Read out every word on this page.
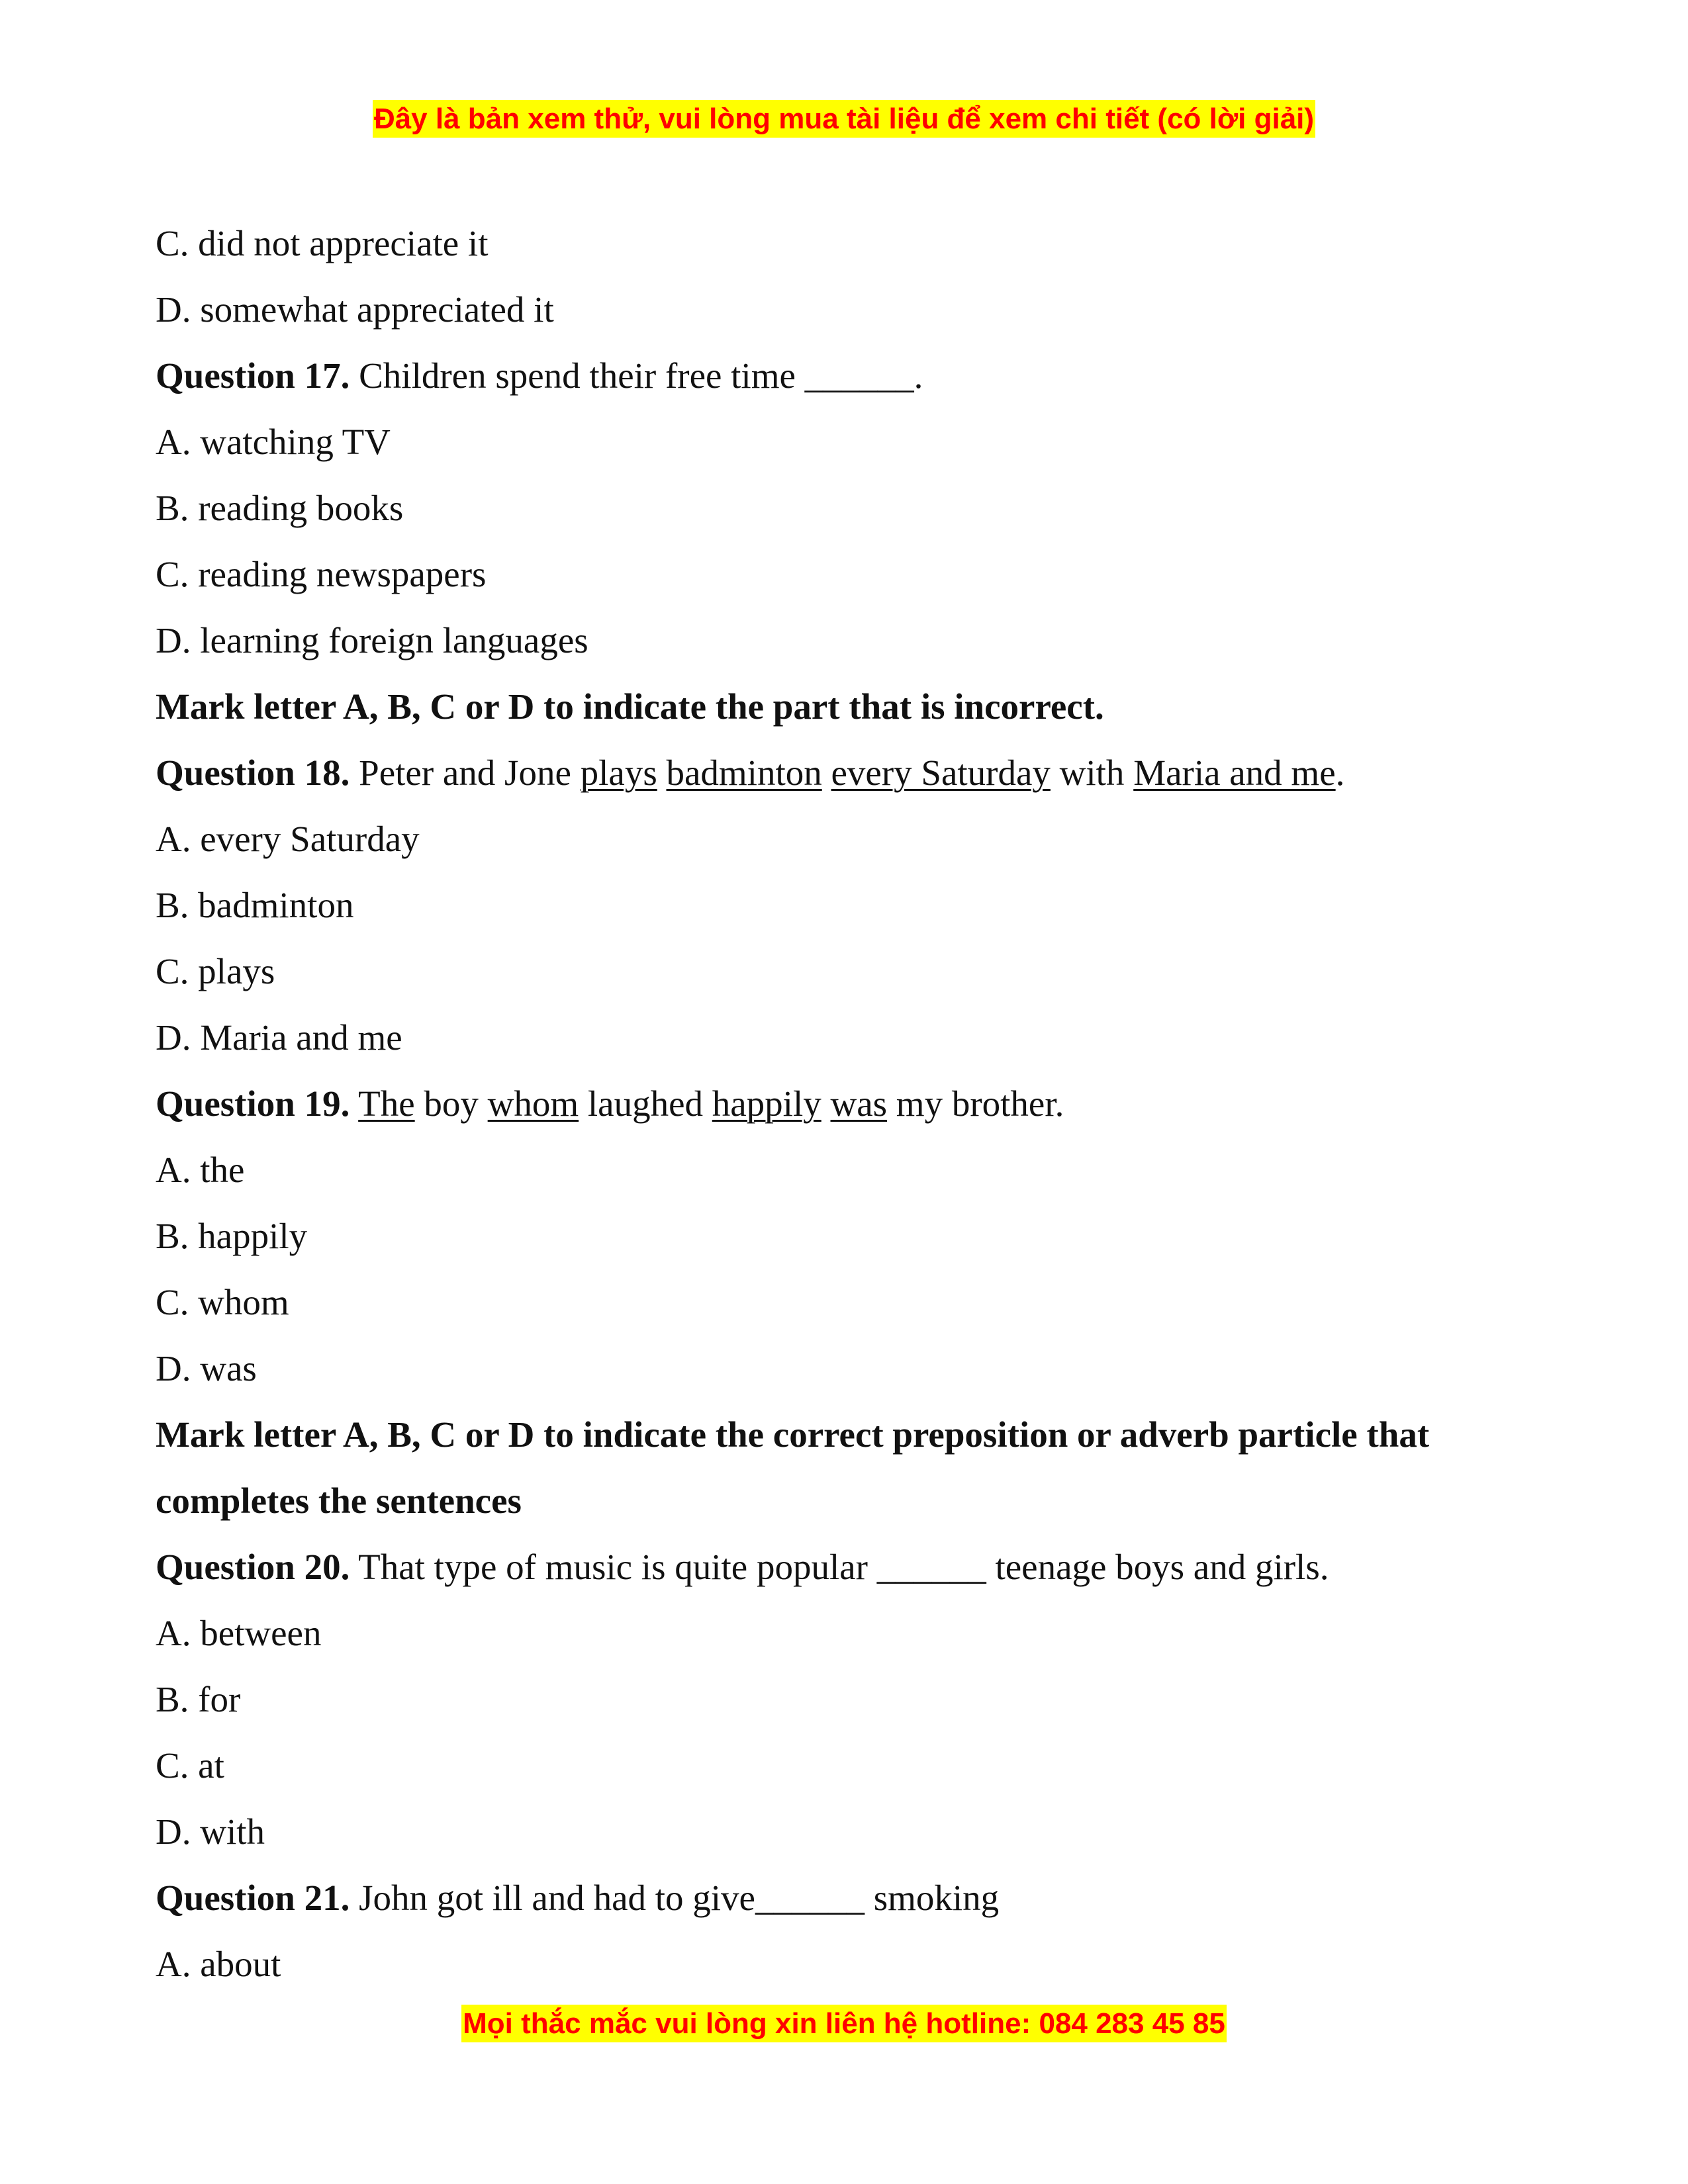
Đây là bản xem thử, vui lòng mua tài liệu để xem chi tiết (có lời giải)
C. did not appreciate it
D. somewhat appreciated it
Question 17. Children spend their free time ______.
A. watching TV
B. reading books
C. reading newspapers
D. learning foreign languages
Mark letter A, B, C or D to indicate the part that is incorrect.
Question 18. Peter and Jone plays badminton every Saturday with Maria and me.
A. every Saturday
B. badminton
C. plays
D. Maria and me
Question 19. The boy whom laughed happily was my brother.
A. the
B. happily
C. whom
D. was
Mark letter A, B, C or D to indicate the correct preposition or adverb particle that
completes the sentences
Question 20. That type of music is quite popular ______ teenage boys and girls.
A. between
B. for
C. at
D. with
Question 21. John got ill and had to give______ smoking
A. about
Mọi thắc mắc vui lòng xin liên hệ hotline: 084 283 45 85
